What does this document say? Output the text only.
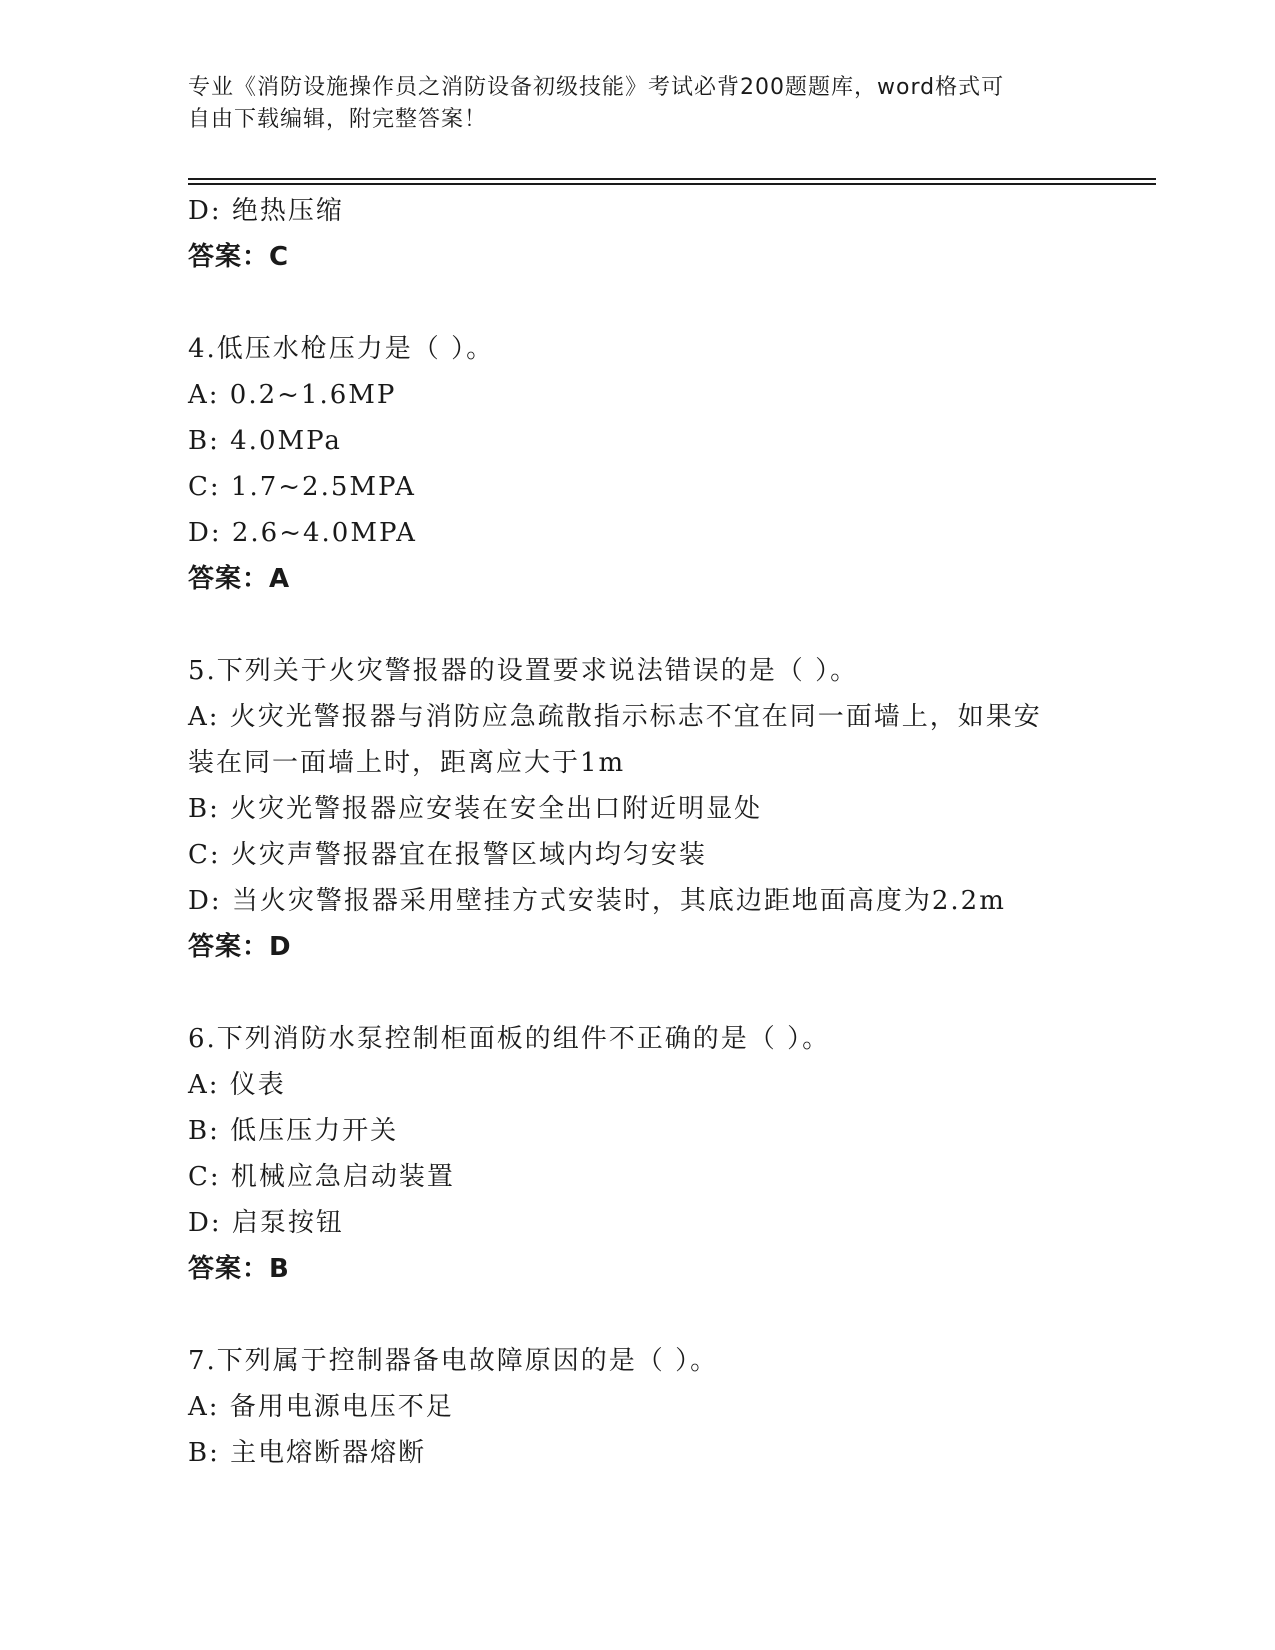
专业《消防设施操作员之消防设备初级技能》考试必背200题题库，word格式可
自由下载编辑，附完整答案！
D: 绝热压缩
答案：C
4.低压水枪压力是（ ）。
A: 0.2~1.6MP
B: 4.0MPa
C: 1.7~2.5MPA
D: 2.6~4.0MPA
答案：A
5.下列关于火灾警报器的设置要求说法错误的是（ ）。
A: 火灾光警报器与消防应急疏散指示标志不宜在同一面墙上，如果安
装在同一面墙上时，距离应大于1m
B: 火灾光警报器应安装在安全出口附近明显处
C: 火灾声警报器宜在报警区域内均匀安装
D: 当火灾警报器采用壁挂方式安装时，其底边距地面高度为2.2m
答案：D
6.下列消防水泵控制柜面板的组件不正确的是（ ）。
A: 仪表
B: 低压压力开关
C: 机械应急启动装置
D: 启泵按钮
答案：B
7.下列属于控制器备电故障原因的是（ ）。
A: 备用电源电压不足
B: 主电熔断器熔断
